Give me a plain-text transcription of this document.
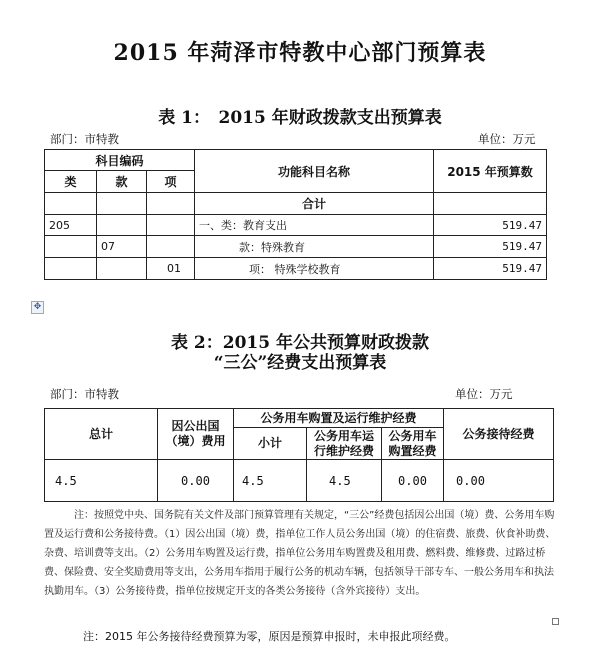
2015 年菏泽市特教中心部门预算表
表 1：　2015 年财政拨款支出预算表
部门：市特教	单位：万元
科目编码			功能科目名称	2015 年预算数
类	款	项		
			合计	
205			一、类：教育支出	519.47
	07		款：特殊教育	519.47
		01	项： 特殊学校教育	519.47
✥
表 2：2015 年公共预算财政拨款
“三公”经费支出预算表
部门：市特教	单位：万元
总计	因公出国（境）费用	公务用车购置及运行维护经费			公务接待经费
		小计	公务用车运行维护经费	公务用车购置经费	
4.5	0.00	4.5	4.5	0.00	0.00
注：按照党中央、国务院有关文件及部门预算管理有关规定，“三公”经费包括因公出国（境）费、公务用车购置及运行费和公务接待费。（1）因公出国（境）费，指单位工作人员公务出国（境）的住宿费、旅费、伙食补助费、杂费、培训费等支出。（2）公务用车购置及运行费，指单位公务用车购置费及租用费、燃料费、维修费、过路过桥费、保险费、安全奖励费用等支出，公务用车指用于履行公务的机动车辆，包括领导干部专车、一般公务用车和执法执勤用车。（3）公务接待费，指单位按规定开支的各类公务接待（含外宾接待）支出。
注：2015 年公务接待经费预算为零，原因是预算申报时，未申报此项经费。
